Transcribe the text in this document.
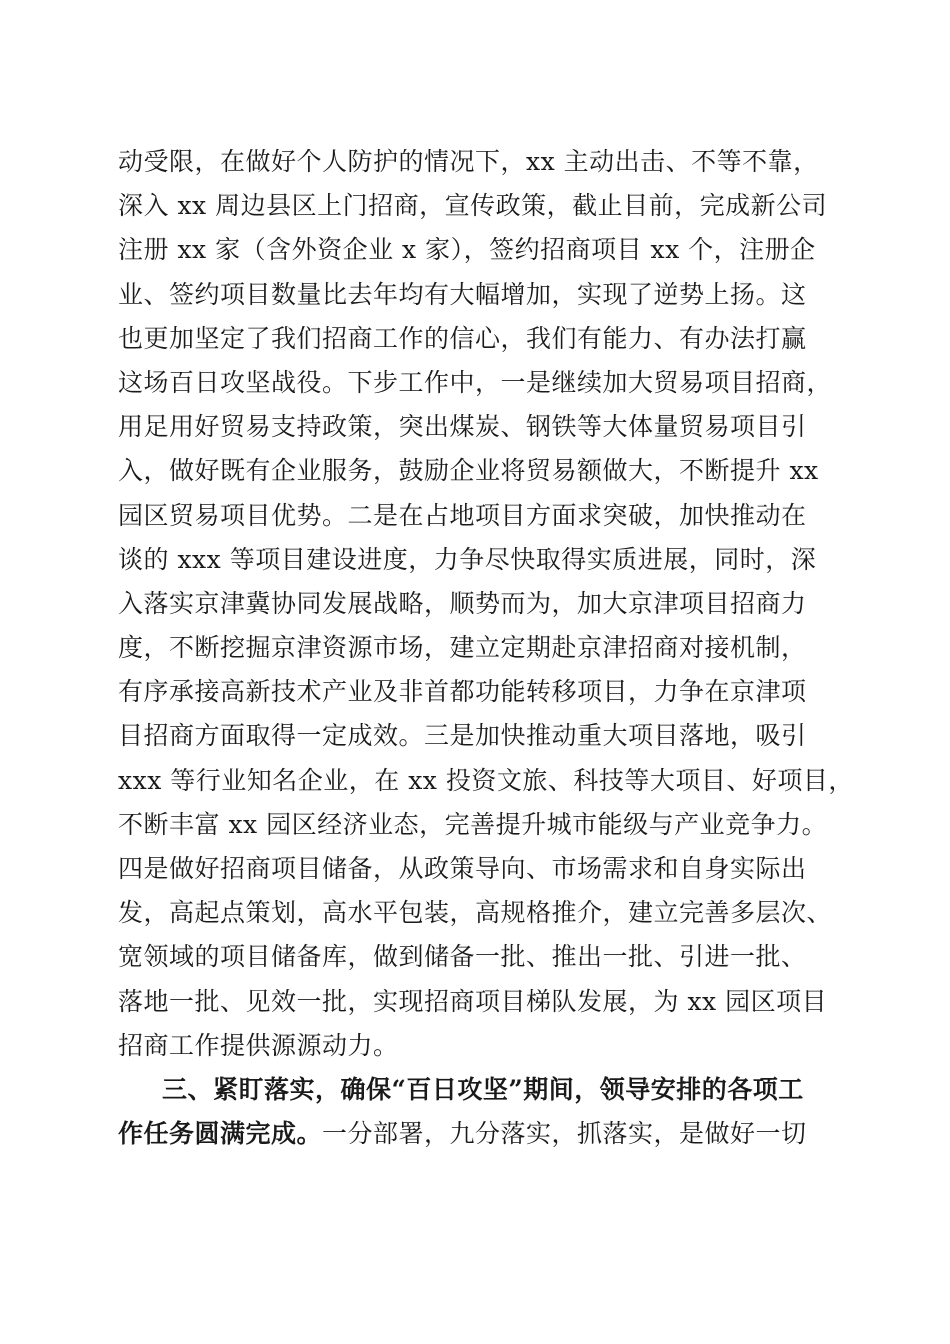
动受限，在做好个人防护的情况下，xx 主动出击、不等不靠，
深入 xx 周边县区上门招商，宣传政策，截止目前，完成新公司
注册 xx 家（含外资企业 x 家），签约招商项目 xx 个，注册企
业、签约项目数量比去年均有大幅增加，实现了逆势上扬。这
也更加坚定了我们招商工作的信心，我们有能力、有办法打赢
这场百日攻坚战役。下步工作中，一是继续加大贸易项目招商，
用足用好贸易支持政策，突出煤炭、钢铁等大体量贸易项目引
入，做好既有企业服务，鼓励企业将贸易额做大，不断提升 xx
园区贸易项目优势。二是在占地项目方面求突破，加快推动在
谈的 xxx 等项目建设进度，力争尽快取得实质进展，同时，深
入落实京津冀协同发展战略，顺势而为，加大京津项目招商力
度，不断挖掘京津资源市场，建立定期赴京津招商对接机制，
有序承接高新技术产业及非首都功能转移项目，力争在京津项
目招商方面取得一定成效。三是加快推动重大项目落地，吸引
xxx 等行业知名企业，在 xx 投资文旅、科技等大项目、好项目，
不断丰富 xx 园区经济业态，完善提升城市能级与产业竞争力。
四是做好招商项目储备，从政策导向、市场需求和自身实际出
发，高起点策划，高水平包装，高规格推介，建立完善多层次、
宽领域的项目储备库，做到储备一批、推出一批、引进一批、
落地一批、见效一批，实现招商项目梯队发展，为 xx 园区项目
招商工作提供源源动力。
三、紧盯落实，确保“百日攻坚”期间，领导安排的各项工
作任务圆满完成。一分部署，九分落实，抓落实，是做好一切
